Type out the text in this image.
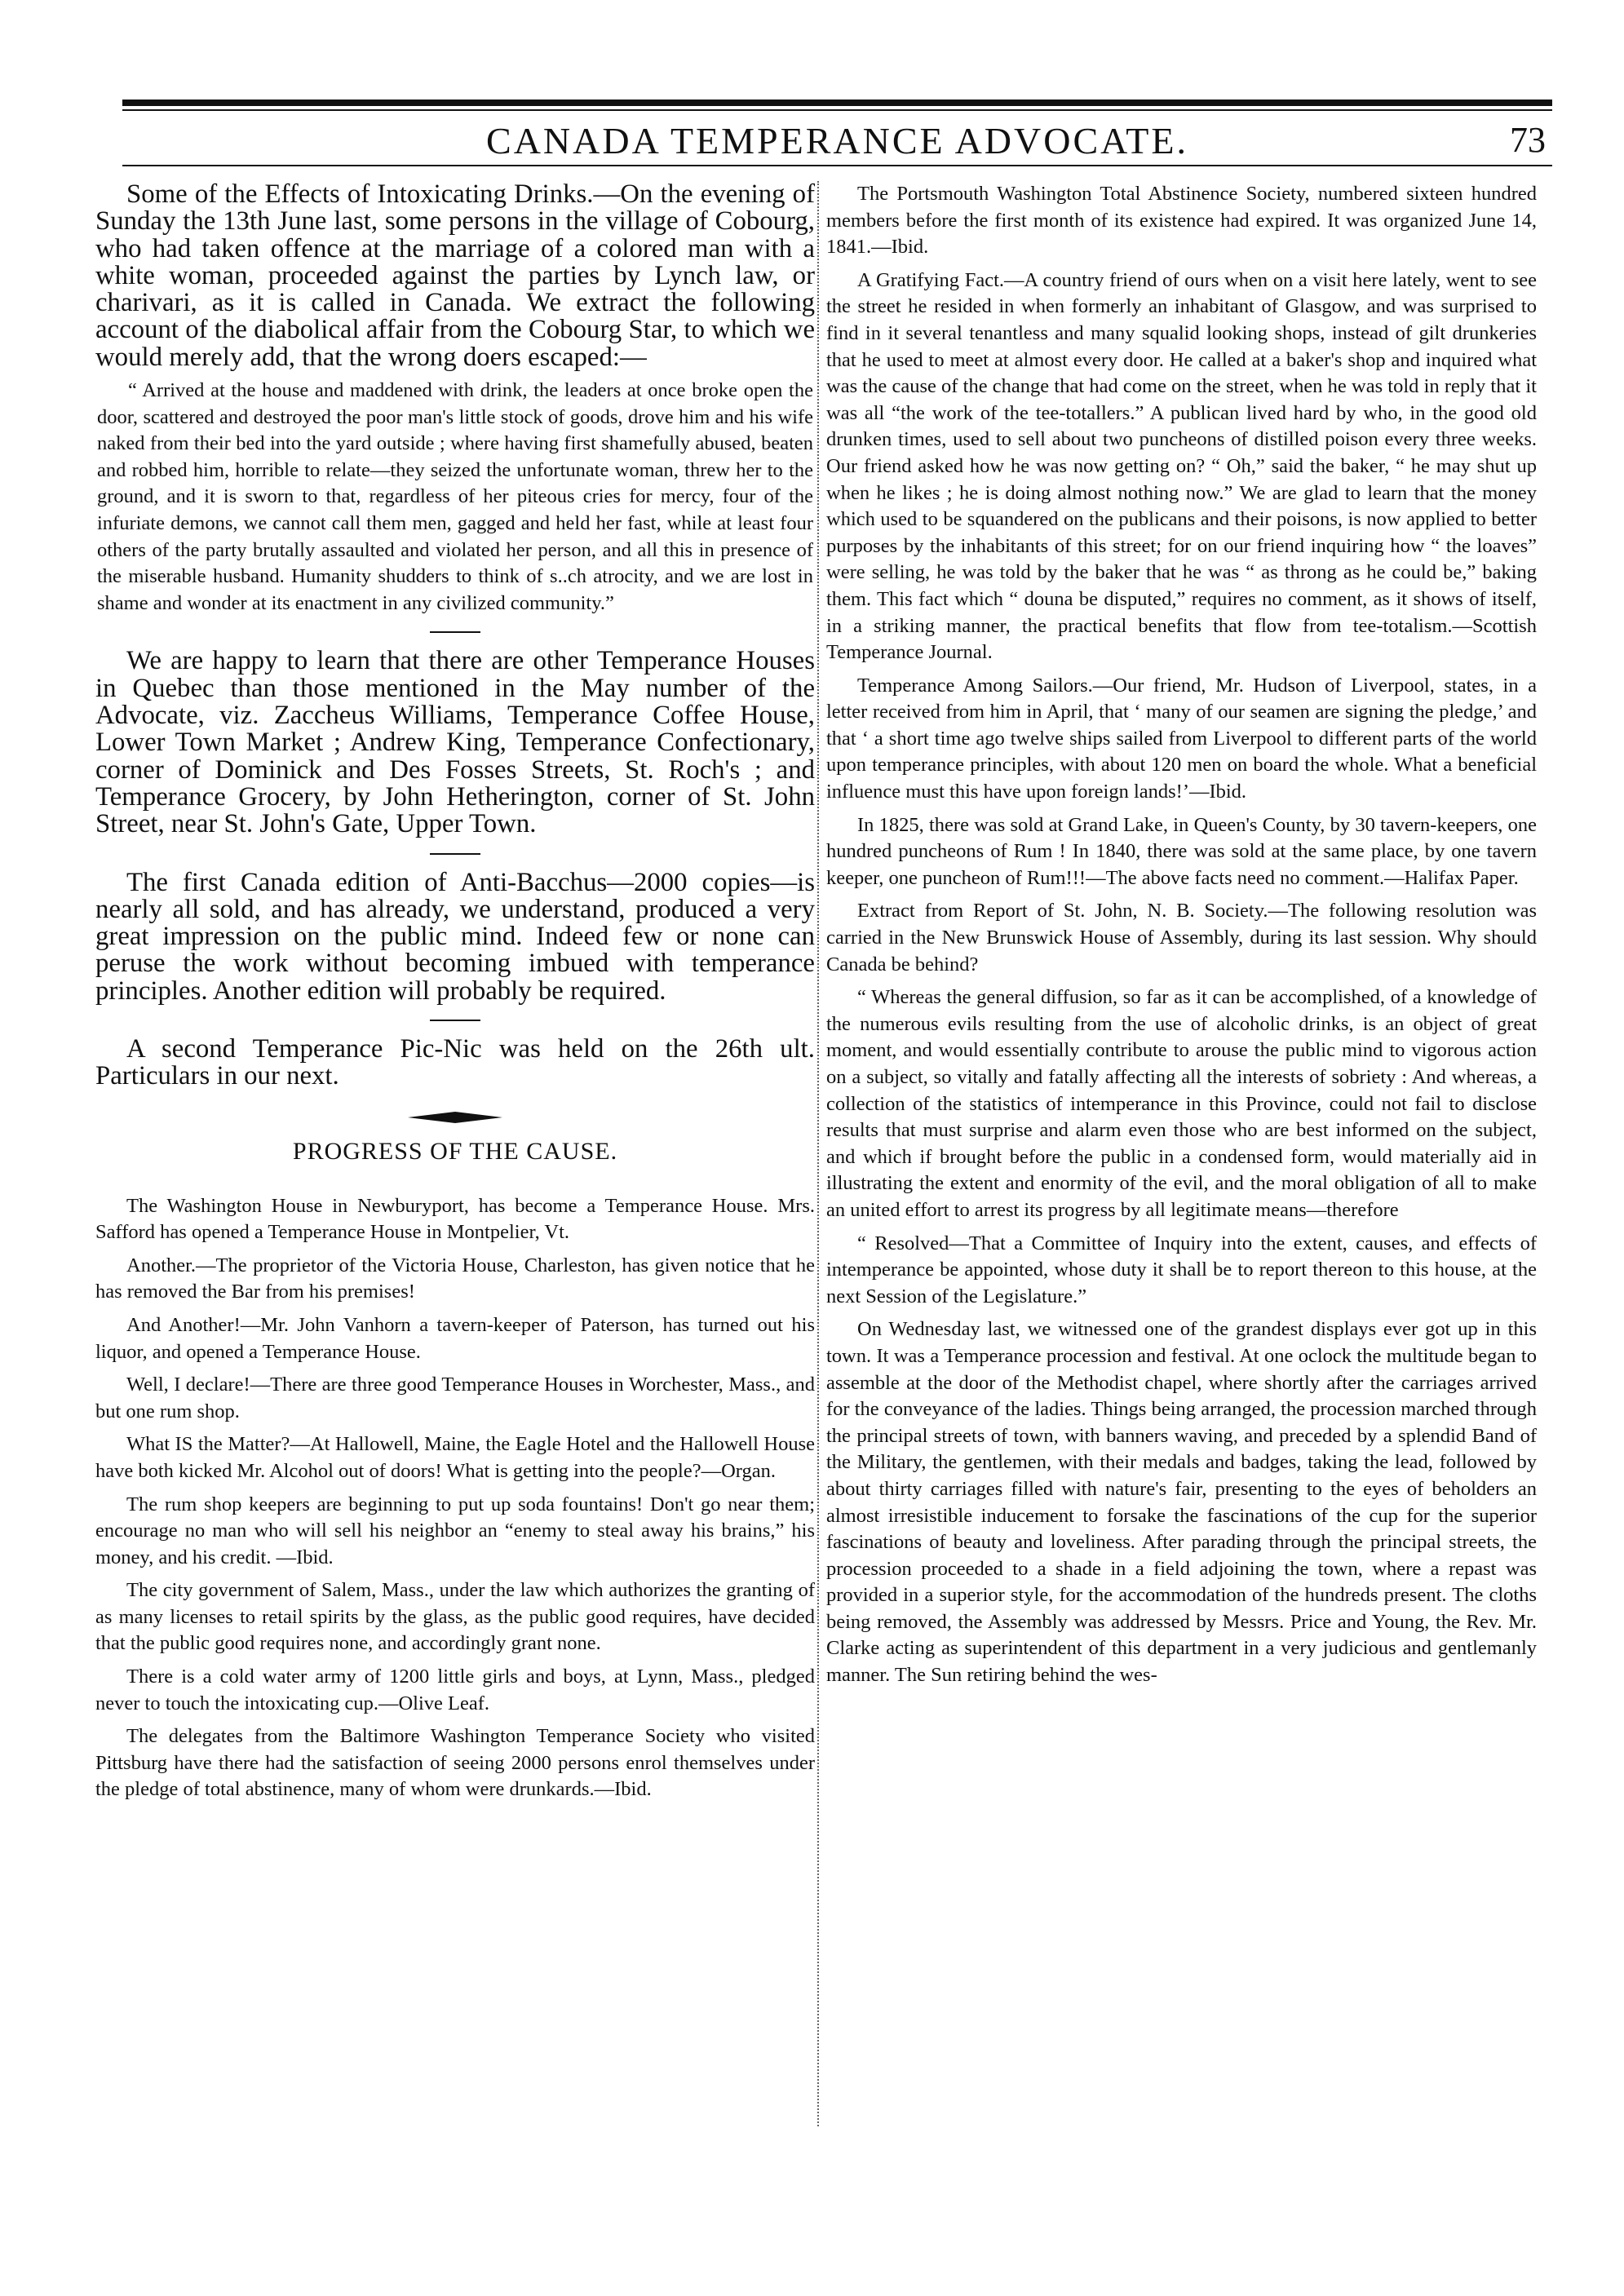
CANADA TEMPERANCE ADVOCATE.	73

Some of the Effects of Intoxicating Drinks.—On the evening of Sunday the 13th June last, some persons in the village of Cobourg, who had taken offence at the marriage of a colored man with a white woman, proceeded against the parties by Lynch law, or charivari, as it is called in Canada. We extract the following account of the diabolical affair from the Cobourg Star, to which we would merely add, that the wrong doers escaped:—

“ Arrived at the house and maddened with drink, the leaders at once broke open the door, scattered and destroyed the poor man's little stock of goods, drove him and his wife naked from their bed into the yard outside ; where having first shamefully abused, beaten and robbed him, horrible to relate—they seized the unfortunate woman, threw her to the ground, and it is sworn to that, regardless of her piteous cries for mercy, four of the infuriate demons, we cannot call them men, gagged and held her fast, while at least four others of the party brutally assaulted and violated her person, and all this in presence of the miserable husband. Humanity shudders to think of s..ch atrocity, and we are lost in shame and wonder at its enactment in any civilized community.”

We are happy to learn that there are other Temperance Houses in Quebec than those mentioned in the May number of the Advocate, viz. Zaccheus Williams, Temperance Coffee House, Lower Town Market ; Andrew King, Temperance Confectionary, corner of Dominick and Des Fosses Streets, St. Roch's ; and Temperance Grocery, by John Hetherington, corner of St. John Street, near St. John's Gate, Upper Town.

The first Canada edition of Anti-Bacchus—2000 copies—is nearly all sold, and has already, we understand, produced a very great impression on the public mind. Indeed few or none can peruse the work without becoming imbued with temperance principles. Another edition will probably be required.

A second Temperance Pic-Nic was held on the 26th ult. Particulars in our next.

PROGRESS OF THE CAUSE.

The Washington House in Newburyport, has become a Temperance House. Mrs. Safford has opened a Temperance House in Montpelier, Vt.

Another.—The proprietor of the Victoria House, Charleston, has given notice that he has removed the Bar from his premises!

And Another!—Mr. John Vanhorn a tavern-keeper of Paterson, has turned out his liquor, and opened a Temperance House.

Well, I declare!—There are three good Temperance Houses in Worchester, Mass., and but one rum shop.

What IS the Matter?—At Hallowell, Maine, the Eagle Hotel and the Hallowell House have both kicked Mr. Alcohol out of doors! What is getting into the people?—Organ.

The rum shop keepers are beginning to put up soda fountains! Don't go near them; encourage no man who will sell his neighbor an “enemy to steal away his brains,” his money, and his credit. —Ibid.

The city government of Salem, Mass., under the law which authorizes the granting of as many licenses to retail spirits by the glass, as the public good requires, have decided that the public good requires none, and accordingly grant none.

There is a cold water army of 1200 little girls and boys, at Lynn, Mass., pledged never to touch the intoxicating cup.—Olive Leaf.

The delegates from the Baltimore Washington Temperance Society who visited Pittsburg have there had the satisfaction of seeing 2000 persons enrol themselves under the pledge of total abstinence, many of whom were drunkards.—Ibid.

The Portsmouth Washington Total Abstinence Society, numbered sixteen hundred members before the first month of its existence had expired. It was organized June 14, 1841.—Ibid.

A Gratifying Fact.—A country friend of ours when on a visit here lately, went to see the street he resided in when formerly an inhabitant of Glasgow, and was surprised to find in it several tenantless and many squalid looking shops, instead of gilt drunkeries that he used to meet at almost every door. He called at a baker's shop and inquired what was the cause of the change that had come on the street, when he was told in reply that it was all “the work of the tee-totallers.” A publican lived hard by who, in the good old drunken times, used to sell about two puncheons of distilled poison every three weeks. Our friend asked how he was now getting on? “ Oh,” said the baker, “ he may shut up when he likes ; he is doing almost nothing now.” We are glad to learn that the money which used to be squandered on the publicans and their poisons, is now applied to better purposes by the inhabitants of this street; for on our friend inquiring how “ the loaves” were selling, he was told by the baker that he was “ as throng as he could be,” baking them. This fact which “ douna be disputed,” requires no comment, as it shows of itself, in a striking manner, the practical benefits that flow from tee-totalism.—Scottish Temperance Journal.

Temperance Among Sailors.—Our friend, Mr. Hudson of Liverpool, states, in a letter received from him in April, that ‘ many of our seamen are signing the pledge,’ and that ‘ a short time ago twelve ships sailed from Liverpool to different parts of the world upon temperance principles, with about 120 men on board the whole. What a beneficial influence must this have upon foreign lands!’—Ibid.

In 1825, there was sold at Grand Lake, in Queen's County, by 30 tavern-keepers, one hundred puncheons of Rum ! In 1840, there was sold at the same place, by one tavern keeper, one puncheon of Rum!!!—The above facts need no comment.—Halifax Paper.

Extract from Report of St. John, N. B. Society.—The following resolution was carried in the New Brunswick House of Assembly, during its last session. Why should Canada be behind?

“ Whereas the general diffusion, so far as it can be accomplished, of a knowledge of the numerous evils resulting from the use of alcoholic drinks, is an object of great moment, and would essentially contribute to arouse the public mind to vigorous action on a subject, so vitally and fatally affecting all the interests of sobriety : And whereas, a collection of the statistics of intemperance in this Province, could not fail to disclose results that must surprise and alarm even those who are best informed on the subject, and which if brought before the public in a condensed form, would materially aid in illustrating the extent and enormity of the evil, and the moral obligation of all to make an united effort to arrest its progress by all legitimate means—therefore

“ Resolved—That a Committee of Inquiry into the extent, causes, and effects of intemperance be appointed, whose duty it shall be to report thereon to this house, at the next Session of the Legislature.”

On Wednesday last, we witnessed one of the grandest displays ever got up in this town. It was a Temperance procession and festival. At one oclock the multitude began to assemble at the door of the Methodist chapel, where shortly after the carriages arrived for the conveyance of the ladies. Things being arranged, the procession marched through the principal streets of town, with banners waving, and preceded by a splendid Band of the Military, the gentlemen, with their medals and badges, taking the lead, followed by about thirty carriages filled with nature's fair, presenting to the eyes of beholders an almost irresistible inducement to forsake the fascinations of the cup for the superior fascinations of beauty and loveliness. After parading through the principal streets, the procession proceeded to a shade in a field adjoining the town, where a repast was provided in a superior style, for the accommodation of the hundreds present. The cloths being removed, the Assembly was addressed by Messrs. Price and Young, the Rev. Mr. Clarke acting as superintendent of this department in a very judicious and gentlemanly manner. The Sun retiring behind the wes-
